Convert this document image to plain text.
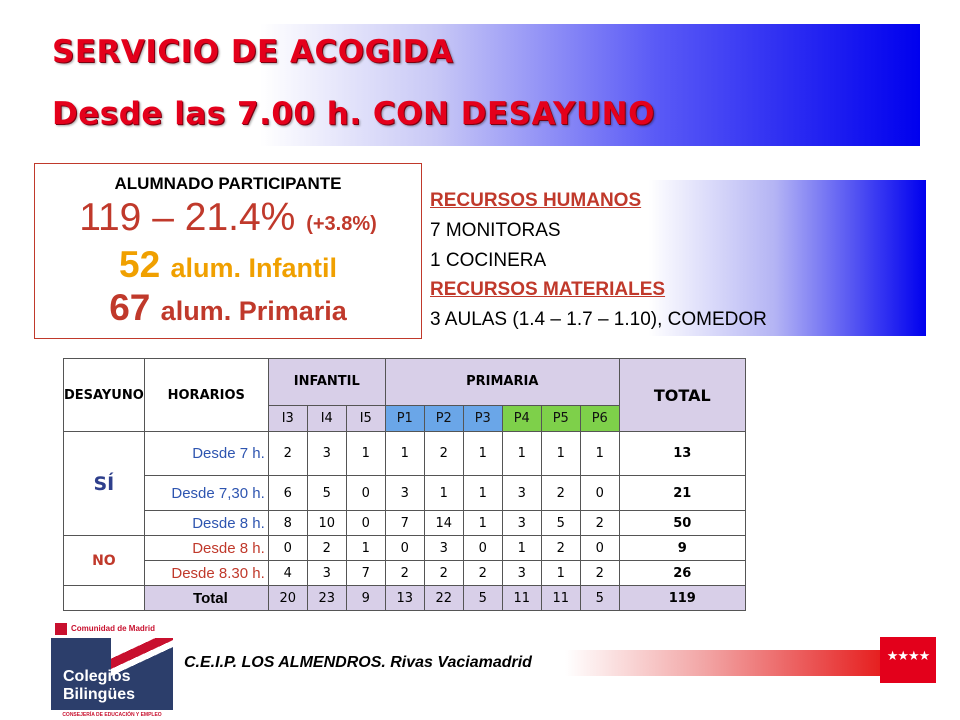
SERVICIO DE ACOGIDA
Desde las 7.00 h. CON DESAYUNO
ALUMNADO PARTICIPANTE
119 – 21.4% (+3.8%)
52 alum. Infantil
67 alum. Primaria
RECURSOS HUMANOS
7 MONITORAS
1 COCINERA
RECURSOS MATERIALES
3 AULAS (1.4 – 1.7 – 1.10), COMEDOR
DESAYUNO	HORARIOS	INFANTIL			PRIMARIA						TOTAL
		I3	I4	I5	P1	P2	P3	P4	P5	P6	
SÍ	Desde 7 h.	2	3	1	1	2	1	1	1	1	13
	Desde 7,30 h.	6	5	0	3	1	1	3	2	0	21
	Desde 8 h.	8	10	0	7	14	1	3	5	2	50
NO	Desde 8 h.	0	2	1	0	3	0	1	2	0	9
	Desde 8.30 h.	4	3	7	2	2	2	3	1	2	26
	Total	20	23	9	13	22	5	11	11	5	119
Comunidad de Madrid
Colegios
Bilingües
CONSEJERÍA DE EDUCACIÓN Y EMPLEO
C.E.I.P. LOS ALMENDROS. Rivas Vaciamadrid	★★★★
